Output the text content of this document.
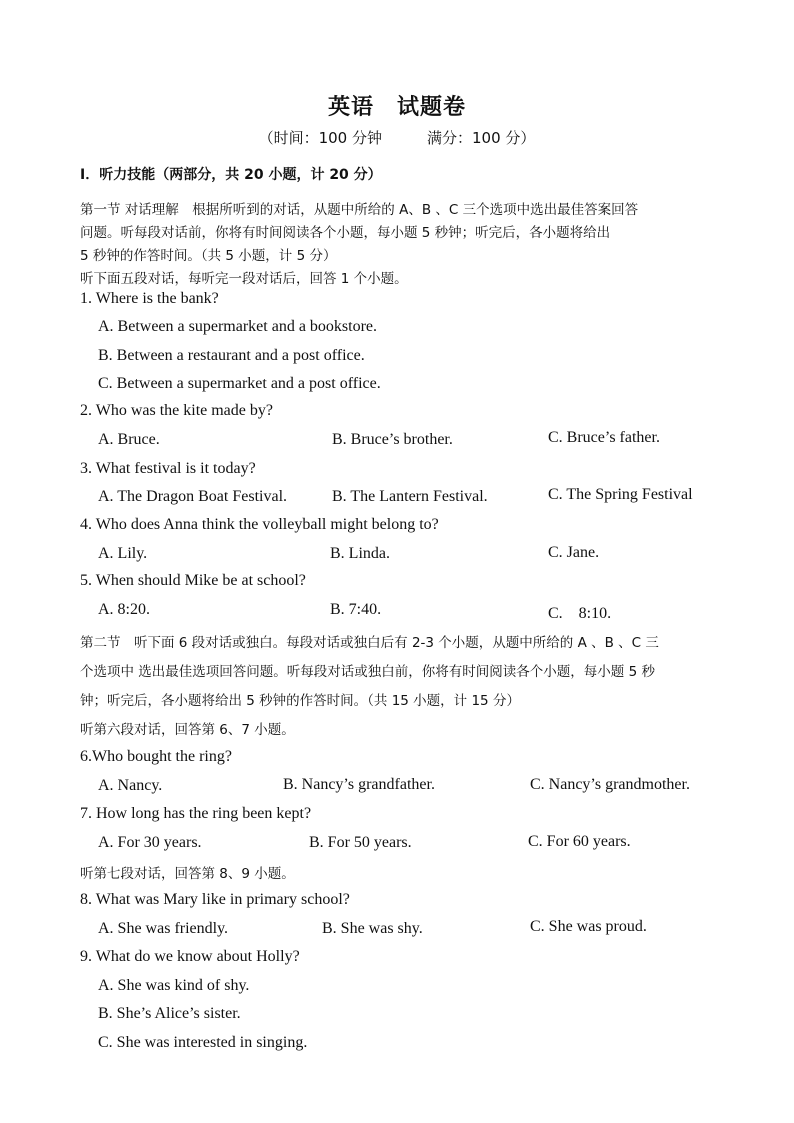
英语　试题卷
（时间：100 分钟　　　满分：100 分）
Ⅰ．听力技能（两部分，共 20 小题，计 20 分）
第一节 对话理解　根据所听到的对话，从题中所给的 A、B 、C 三个选项中选出最佳答案回答
问题。听每段对话前，你将有时间阅读各个小题，每小题 5 秒钟；听完后，各小题将给出
5 秒钟的作答时间。（共 5 小题，计 5 分）
听下面五段对话，每听完一段对话后，回答 1 个小题。
1. Where is the bank?
A. Between a supermarket and a bookstore.
B. Between a restaurant and a post office.
C. Between a supermarket and a post office.
2. Who was the kite made by?
A. Bruce.	B. Bruce’s brother.	C. Bruce’s father.
3. What festival is it today?
A. The Dragon Boat Festival.	B. The Lantern Festival.	C. The Spring Festival
4. Who does Anna think the volleyball might belong to?
A. Lily.	B. Linda.	C. Jane.
5. When should Mike be at school?
A. 8:20.	B. 7:40.	C.　8:10.
第二节　听下面 6 段对话或独白。每段对话或独白后有 2-3 个小题，从题中所给的 A 、B 、C 三
个选项中 选出最佳选项回答问题。听每段对话或独白前，你将有时间阅读各个小题，每小题 5 秒
钟；听完后，各小题将给出 5 秒钟的作答时间。（共 15 小题，计 15 分）
听第六段对话，回答第 6、7 小题。
6.Who bought the ring?
A. Nancy.	B. Nancy’s grandfather.	C. Nancy’s grandmother.
7. How long has the ring been kept?
A. For 30 years.	B. For 50 years.	C. For 60 years.
听第七段对话，回答第 8、9 小题。
8. What was Mary like in primary school?
A. She was friendly.	B. She was shy.	C. She was proud.
9. What do we know about Holly?
A. She was kind of shy.
B. She’s Alice’s sister.
C. She was interested in singing.
